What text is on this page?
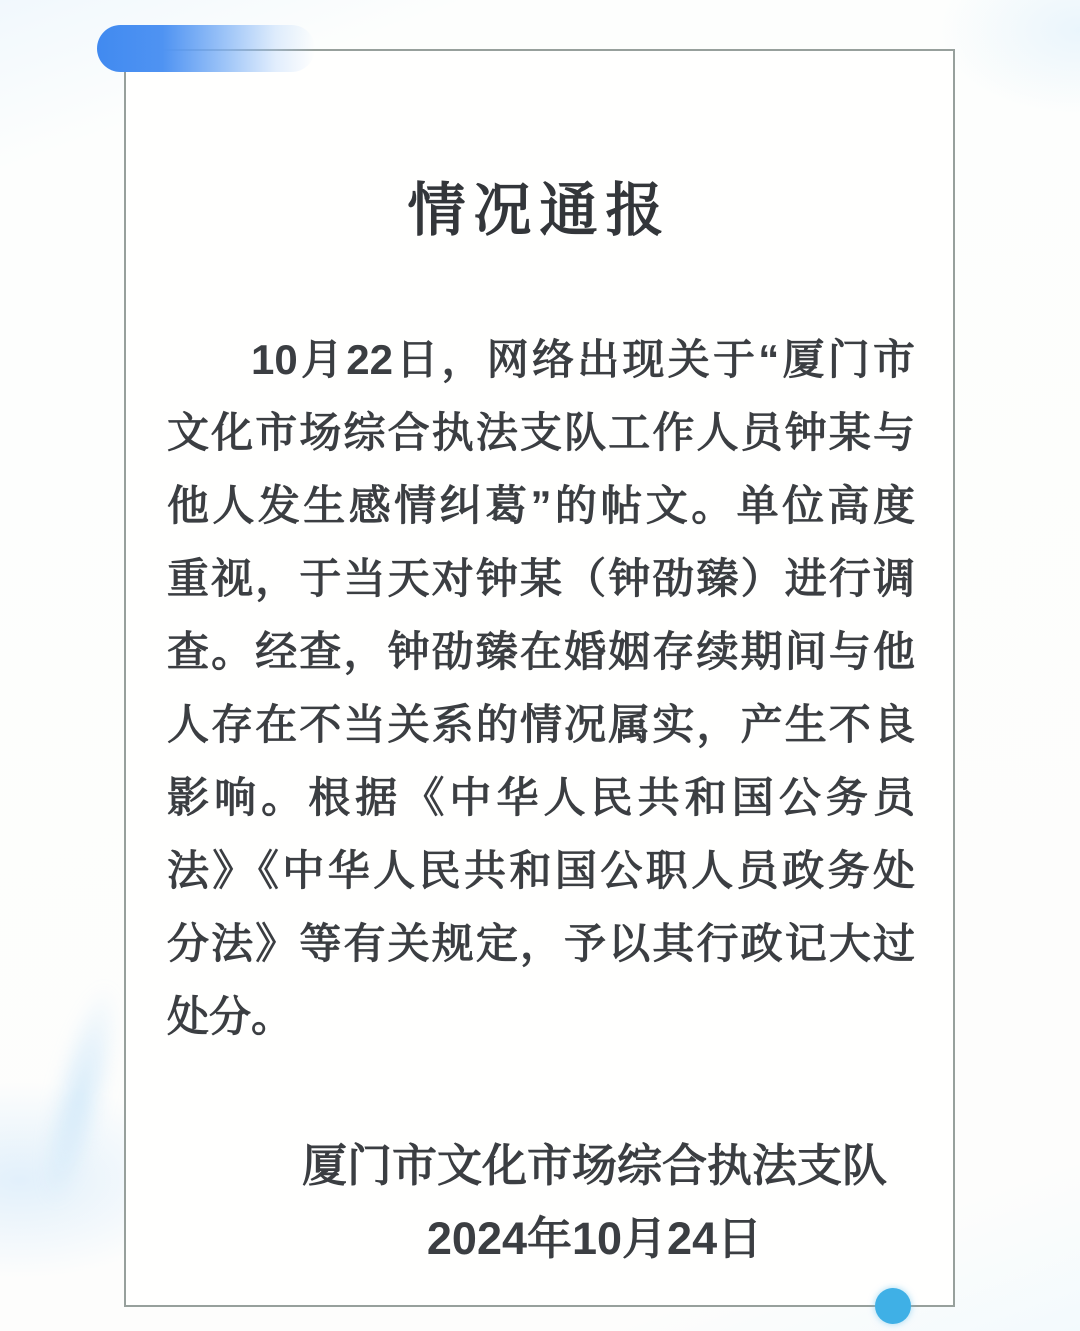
情况通报
10月22日，网络出现关于“厦门市
文化市场综合执法支队工作人员钟某与
他人发生感情纠葛”的帖文。单位高度
重视，于当天对钟某（钟劭臻）进行调
查。经查，钟劭臻在婚姻存续期间与他
人存在不当关系的情况属实，产生不良
影响。根据《中华人民共和国公务员
法》《中华人民共和国公职人员政务处
分法》等有关规定，予以其行政记大过
处分。
厦门市文化市场综合执法支队
2024年10月24日
